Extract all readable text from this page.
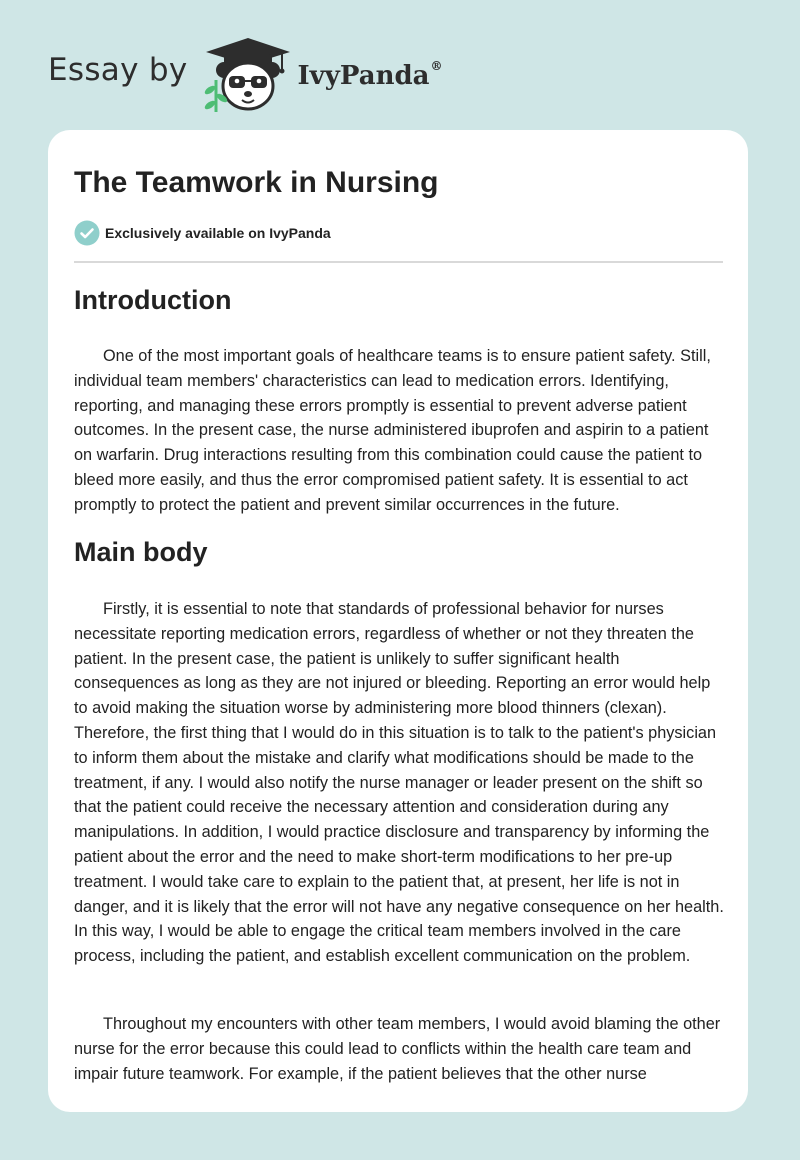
Essay by	IvyPanda®
The Teamwork in Nursing
Exclusively available on IvyPanda
Introduction

One of the most important goals of healthcare teams is to ensure patient safety. Still, individual team members' characteristics can lead to medication errors. Identifying, reporting, and managing these errors promptly is essential to prevent adverse patient outcomes. In the present case, the nurse administered ibuprofen and aspirin to a patient on warfarin. Drug interactions resulting from this combination could cause the patient to bleed more easily, and thus the error compromised patient safety. It is essential to act promptly to protect the patient and prevent similar occurrences in the future.

Main body

Firstly, it is essential to note that standards of professional behavior for nurses necessitate reporting medication errors, regardless of whether or not they threaten the patient. In the present case, the patient is unlikely to suffer significant health consequences as long as they are not injured or bleeding. Reporting an error would help to avoid making the situation worse by administering more blood thinners (clexan). Therefore, the first thing that I would do in this situation is to talk to the patient's physician to inform them about the mistake and clarify what modifications should be made to the treatment, if any. I would also notify the nurse manager or leader present on the shift so that the patient could receive the necessary attention and consideration during any manipulations. In addition, I would practice disclosure and transparency by informing the patient about the error and the need to make short-term modifications to her pre-up treatment. I would take care to explain to the patient that, at present, her life is not in danger, and it is likely that the error will not have any negative consequence on her health. In this way, I would be able to engage the critical team members involved in the care process, including the patient, and establish excellent communication on the problem.

Throughout my encounters with other team members, I would avoid blaming the other nurse for the error because this could lead to conflicts within the health care team and impair future teamwork. For example, if the patient believes that the other nurse
